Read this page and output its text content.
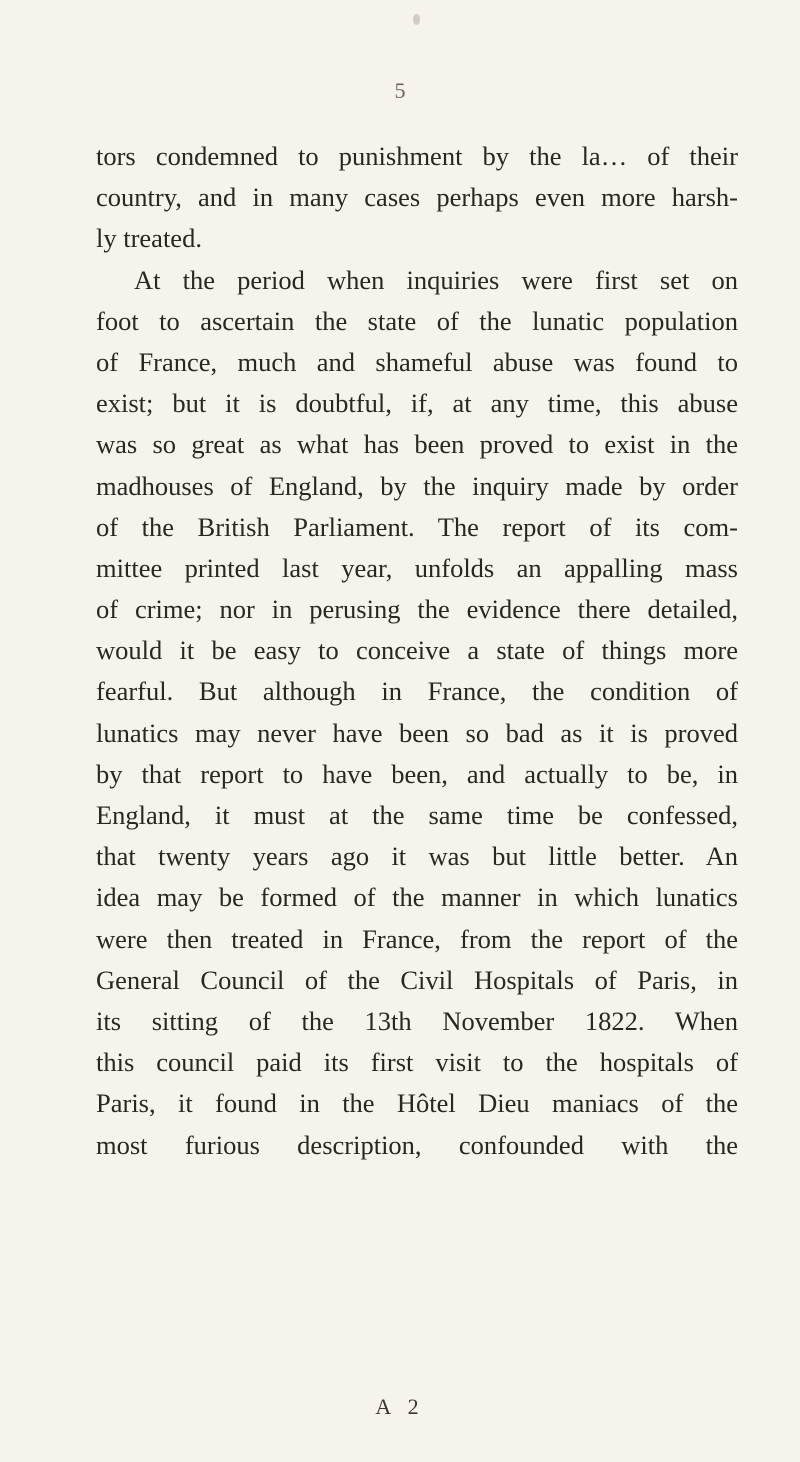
5
tors condemned to punishment by the la… of their
country, and in many cases perhaps even more harsh-
ly treated.
At the period when inquiries were first set on
foot to ascertain the state of the lunatic population
of France, much and shameful abuse was found to
exist; but it is doubtful, if, at any time, this abuse
was so great as what has been proved to exist in the
madhouses of England, by the inquiry made by order
of the British Parliament. The report of its com-
mittee printed last year, unfolds an appalling mass
of crime; nor in perusing the evidence there detailed,
would it be easy to conceive a state of things more
fearful. But although in France, the condition of
lunatics may never have been so bad as it is proved
by that report to have been, and actually to be, in
England, it must at the same time be confessed,
that twenty years ago it was but little better. An
idea may be formed of the manner in which lunatics
were then treated in France, from the report of the
General Council of the Civil Hospitals of Paris, in
its sitting of the 13th November 1822. When
this council paid its first visit to the hospitals of
Paris, it found in the Hôtel Dieu maniacs of the
most furious description, confounded with the
A 2
